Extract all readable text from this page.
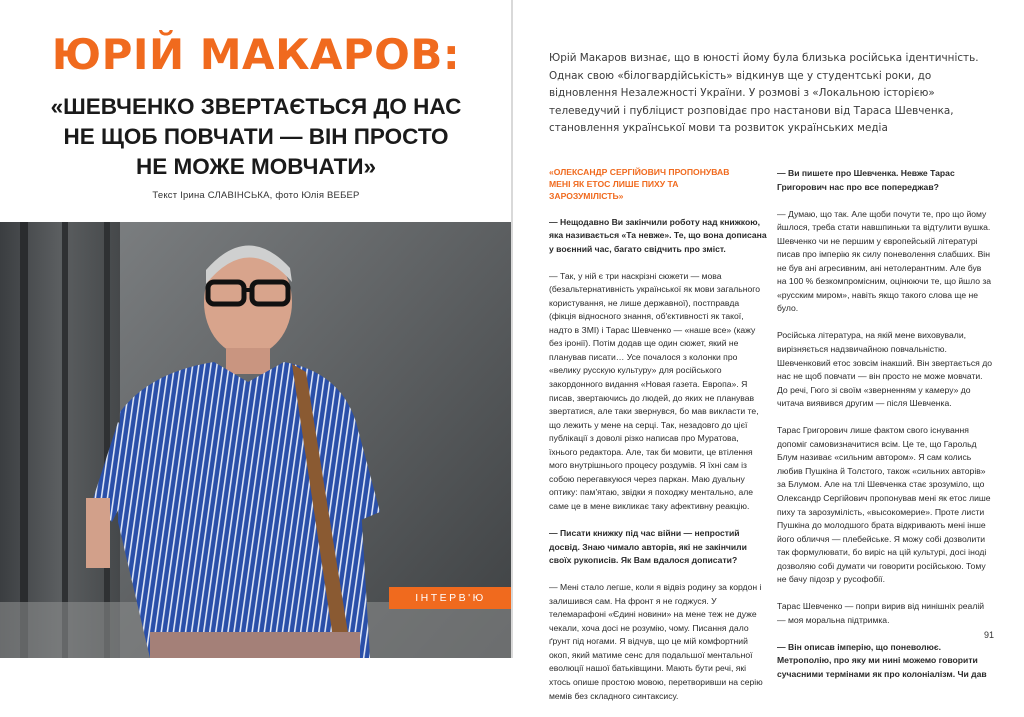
ЮРІЙ МАКАРОВ:
«ШЕВЧЕНКО ЗВЕРТАЄТЬСЯ ДО НАС
НЕ ЩОБ ПОВЧАТИ — ВІН ПРОСТО
НЕ МОЖЕ МОВЧАТИ»
Текст Ірина СЛАВІНСЬКА, фото Юлія ВЕБЕР
ІНТЕРВ'Ю

Юрій Макаров визнає, що в юності йому була близька російська ідентичність. Однак свою «білогвардійськість» відкинув ще у студентські роки, до відновлення Незалежності України. У розмові з «Локальною історією» телеведучий і публіцист розповідає про настанови від Тараса Шевченка, становлення української мови та розвиток українських медіа

«ОЛЕКСАНДР СЕРГІЙОВИЧ ПРОПОНУВАВ МЕНІ ЯК ЕТОС ЛИШЕ ПИХУ ТА ЗАРОЗУМІЛІСТЬ»

— Нещодавно Ви закінчили роботу над книжкою, яка називається «Та невже». Те, що вона дописана у воєнний час, багато свідчить про зміст.

— Так, у ній є три наскрізні сюжети — мова (безальтернативність української як мови загального користування, не лише державної), постправда (фікція відносного знання, об'єктивності як такої, надто в ЗМІ) і Тарас Шевченко — «наше все» (кажу без іронії). Потім додав ще один сюжет, який не планував писати… Усе почалося з колонки про «велику русскую культуру» для російського закордонного видання «Новая газета. Европа». Я писав, звертаючись до людей, до яких не планував звертатися, але таки звернувся, бо мав викласти те, що лежить у мене на серці. Так, незадовго до цієї публікації з доволі різко написав про Муратова, їхнього редактора. Але, так би мовити, це втілення мого внутрішнього процесу роздумів. Я їхні сам із собою перегавкуюся через паркан. Маю дуальну оптику: пам'ятаю, звідки я походжу ментально, але саме це в мене викликає таку афективну реакцію.

— Писати книжку під час війни — непростий досвід. Знаю чимало авторів, які не закінчили своїх рукописів. Як Вам вдалося дописати?

— Мені стало легше, коли я відвіз родину за кордон і залишився сам. На фронт я не годжуся. У телемарафоні «Єдині новини» на мене теж не дуже чекали, хоча досі не розумію, чому. Писання дало ґрунт під ногами. Я відчув, що це мій комфортний окоп, який матиме сенс для подальшої ментальної еволюції нашої батьківщини. Мають бути речі, які хтось опише простою мовою, перетворивши на серію мемів без складного синтаксису.

— Ви пишете про Шевченка. Невже Тарас Григорович нас про все попереджав?

— Думаю, що так. Але щоби почути те, про що йому йшлося, треба стати навшпиньки та відтулити вушка. Шевченко чи не першим у європейській літературі писав про імперію як силу поневолення слабших. Він не був ані агресивним, ані нетолерантним. Але був на 100 % безкомпромісним, оцінюючи те, що йшло за «русским миром», навіть якщо такого слова ще не було.

Російська література, на якій мене виховували, вирізняється надзвичайною повчальністю. Шевченковий етос зовсім інакший. Він звертається до нас не щоб повчати — він просто не може мовчати. До речі, Гюго зі своїм «зверненням у камеру» до читача виявився другим — після Шевченка.

Тарас Григорович лише фактом свого існування допоміг самовизначитися всім. Це те, що Гарольд Блум називає «сильним автором». Я сам колись любив Пушкіна й Толстого, також «сильних авторів» за Блумом. Але на тлі Шевченка стає зрозуміло, що Олександр Сергійович пропонував мені як етос лише пиху та зарозумілість, «высокомерие». Проте листи Пушкіна до молодшого брата відкривають мені інше його обличчя — плебейське. Я можу собі дозволити так формулювати, бо виріс на цій культурі, досі іноді дозволяю собі думати чи говорити російською. Тому не бачу підозр у русофобії.

Тарас Шевченко — попри вирив від нинішніх реалій — моя моральна підтримка.

— Він описав імперію, що поневолює. Метрополію, про яку ми нині можемо говорити сучасними термінами як про колоніалізм. Чи дав

91
